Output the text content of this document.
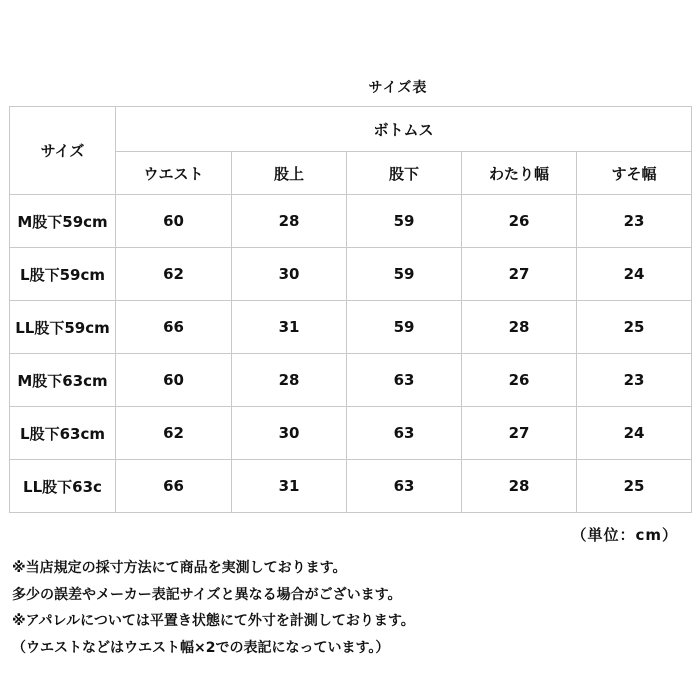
サイズ表
サイズ	ボトムス				
	ウエスト	股上	股下	わたり幅	すそ幅
M股下59cm	60	28	59	26	23
L股下59cm	62	30	59	27	24
LL股下59cm	66	31	59	28	25
M股下63cm	60	28	63	26	23
L股下63cm	62	30	63	27	24
LL股下63c	66	31	63	28	25
（単位：cm）
※当店規定の採寸方法にて商品を実測しております。
多少の誤差やメーカー表記サイズと異なる場合がございます。
※アパレルについては平置き状態にて外寸を計測しております。
（ウエストなどはウエスト幅×2での表記になっています。）
